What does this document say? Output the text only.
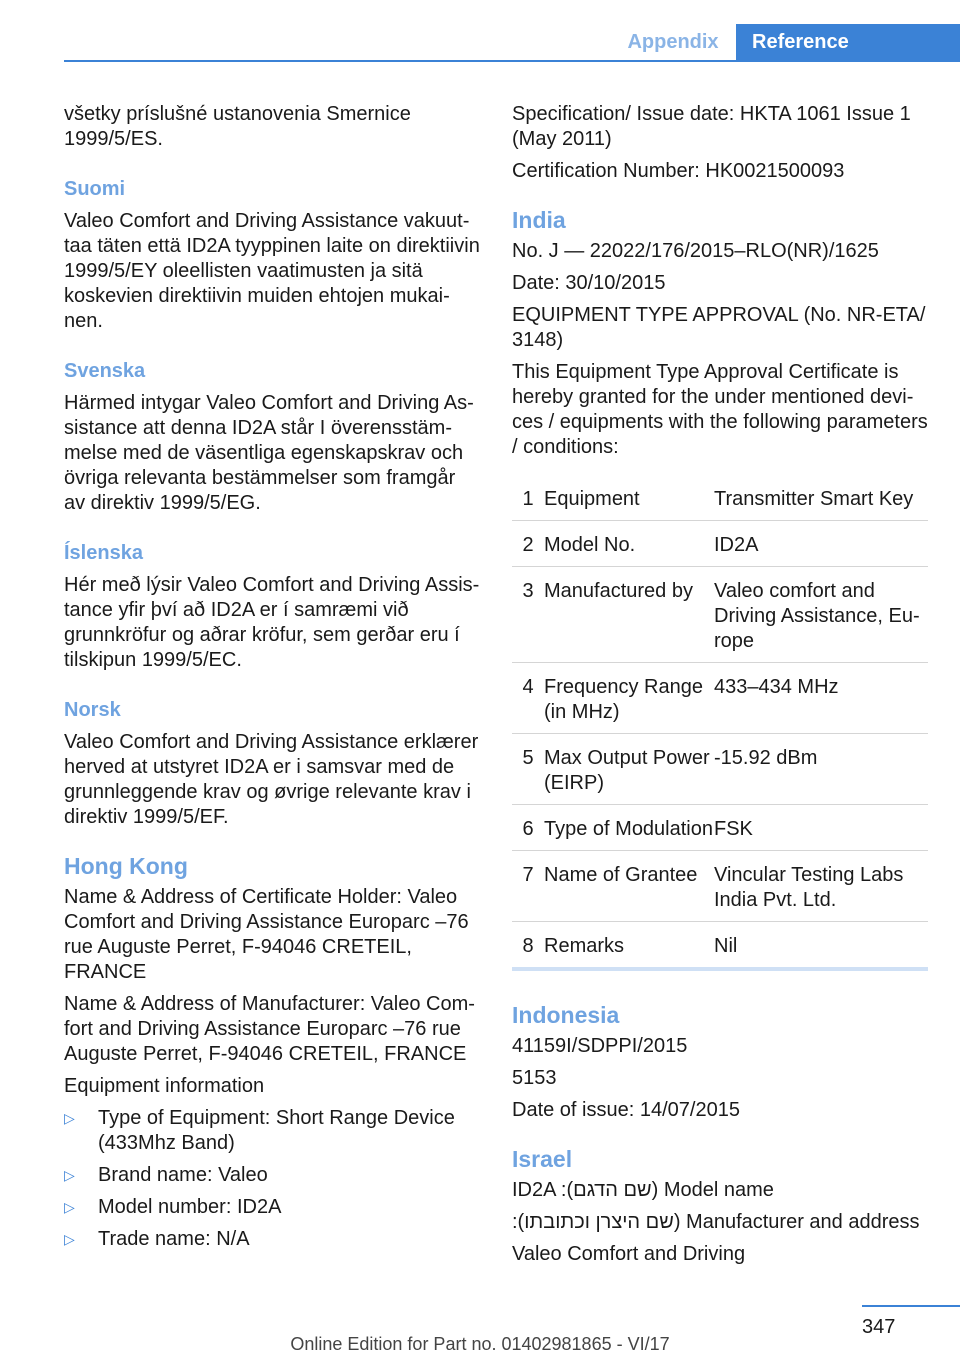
Appendix	Reference

všetky príslušné ustanovenia Smernice 1999/5/ES.

Suomi

Valeo Comfort and Driving Assistance vakuuttaa täten että ID2A tyyppinen laite on direktiivin 1999/5/EY oleellisten vaatimusten ja sitä koskevien direktiivin muiden ehtojen mukainen.

Svenska

Härmed intygar Valeo Comfort and Driving Assistance att denna ID2A står I överensstämmelse med de väsentliga egenskapskrav och övriga relevanta bestämmelser som framgår av direktiv 1999/5/EG.

Íslenska

Hér með lýsir Valeo Comfort and Driving Assistance yfir því að ID2A er í samræmi við grunnkröfur og aðrar kröfur, sem gerðar eru í tilskipun 1999/5/EC.

Norsk

Valeo Comfort and Driving Assistance erklærer herved at utstyret ID2A er i samsvar med de grunnleggende krav og øvrige relevante krav i direktiv 1999/5/EF.

Hong Kong

Name & Address of Certificate Holder: Valeo Comfort and Driving Assistance Europarc –76 rue Auguste Perret, F-94046 CRETEIL, FRANCE

Name & Address of Manufacturer: Valeo Comfort and Driving Assistance Europarc –76 rue Auguste Perret, F-94046 CRETEIL, FRANCE

Equipment information

▷ Type of Equipment: Short Range Device (433Mhz Band)
▷ Brand name: Valeo
▷ Model number: ID2A
▷ Trade name: N/A

Specification/ Issue date: HKTA 1061 Issue 1 (May 2011)

Certification Number: HK0021500093

India

No. J — 22022/176/2015–RLO(NR)/1625

Date: 30/10/2015

EQUIPMENT TYPE APPROVAL (No. NR-ETA/ 3148)

This Equipment Type Approval Certificate is hereby granted for the under mentioned devices / equipments with the following parameters / conditions:

1	Equipment	Transmitter Smart Key
2	Model No.	ID2A
3	Manufactured by	Valeo comfort and Driving Assistance, Europe
4	Frequency Range (in MHz)	433–434 MHz
5	Max Output Power (EIRP)	-15.92 dBm
6	Type of Modulation	FSK
7	Name of Grantee	Vincular Testing Labs India Pvt. Ltd.
8	Remarks	Nil
Indonesia

41159I/SDPPI/2015

5153

Date of issue: 14/07/2015

Israel

ID2A :(שם הדגם) Model name

:(שם היצרן וכתובתו) Manufacturer and address

Valeo Comfort and Driving

347
Online Edition for Part no. 01402981865 - VI/17
